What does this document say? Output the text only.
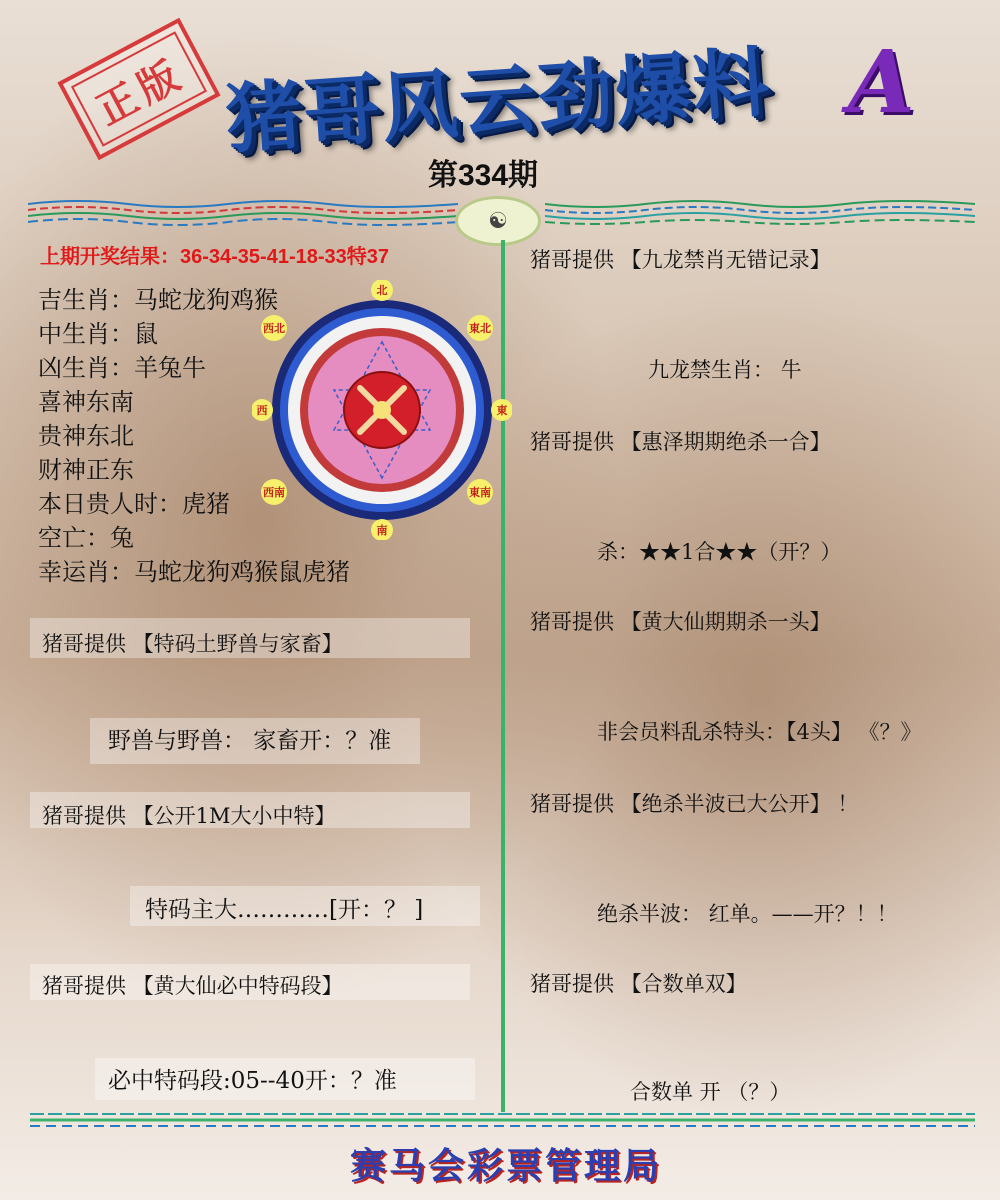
正版 猪哥风云劲爆料 A
第334期
☯
上期开奖结果：36-34-35-41-18-33特37
吉生肖：马蛇龙狗鸡猴
中生肖：鼠
凶生肖：羊兔牛
喜神东南
贵神东北
财神正东
本日贵人时：虎猪
空亡：兔
幸运肖：马蛇龙狗鸡猴鼠虎猪
北
東北
東
東南
南
西南
西
西北
猪哥提供 【特码土野兽与家畜】
野兽与野兽： 家畜开：？准
猪哥提供 【公开1M大小中特】
特码主大…………[开：？ ]
猪哥提供 【黄大仙必中特码段】
必中特码段:05--40开：？准
猪哥提供 【九龙禁肖无错记录】
九龙禁生肖： 牛
猪哥提供 【惠泽期期绝杀一合】
杀：★★1合★★（开？）
猪哥提供 【黄大仙期期杀一头】
非会员料乱杀特头：【4头】 《？》
猪哥提供 【绝杀半波已大公开】 ！
绝杀半波： 红单。——开？！！
猪哥提供 【合数单双】
合数单 开 （？）
赛马会彩票管理局
